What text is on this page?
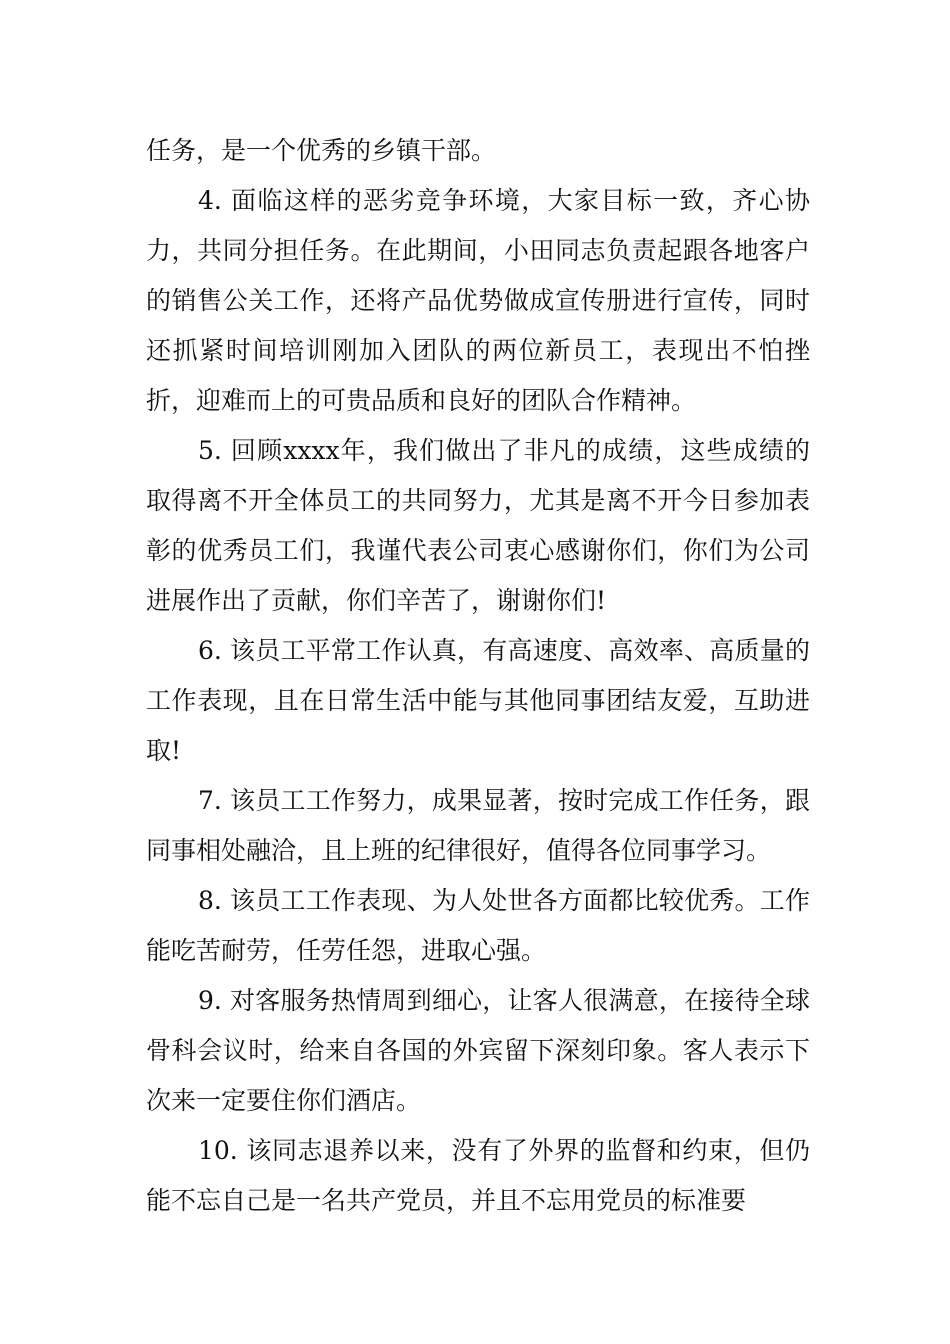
任务，是一个优秀的乡镇干部。

4. 面临这样的恶劣竞争环境，大家目标一致，齐心协力，共同分担任务。在此期间，小田同志负责起跟各地客户的销售公关工作，还将产品优势做成宣传册进行宣传，同时还抓紧时间培训刚加入团队的两位新员工，表现出不怕挫折，迎难而上的可贵品质和良好的团队合作精神。

5. 回顾xxxx年，我们做出了非凡的成绩，这些成绩的取得离不开全体员工的共同努力，尤其是离不开今日参加表彰的优秀员工们，我谨代表公司衷心感谢你们，你们为公司进展作出了贡献，你们辛苦了，谢谢你们!

6. 该员工平常工作认真，有高速度、高效率、高质量的工作表现，且在日常生活中能与其他同事团结友爱，互助进取!

7. 该员工工作努力，成果显著，按时完成工作任务，跟同事相处融洽，且上班的纪律很好，值得各位同事学习。

8. 该员工工作表现、为人处世各方面都比较优秀。工作能吃苦耐劳，任劳任怨，进取心强。

9. 对客服务热情周到细心，让客人很满意，在接待全球骨科会议时，给来自各国的外宾留下深刻印象。客人表示下次来一定要住你们酒店。

10. 该同志退养以来，没有了外界的监督和约束，但仍能不忘自己是一名共产党员，并且不忘用党员的标准要
